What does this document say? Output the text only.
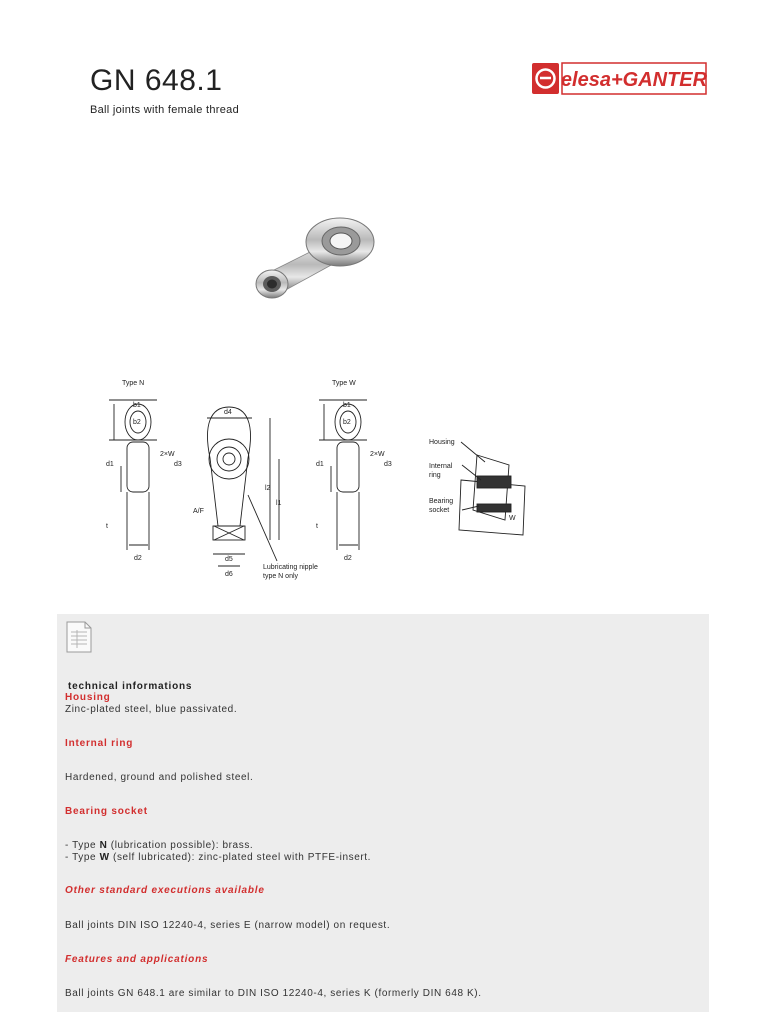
GN 648.1
Ball joints with female thread
elesa+GANTER
Type N
b1
b2
d1	d3
2×W
t
d2
d4
l1
l2
A/F
d5
d6
Lubricating nipple
type N only
Type W
b1
b2
d1	d3
2×W
t
d2
Housing
Internal
ring
Bearing
socket
W
technical informations
Housing
Zinc-plated steel, blue passivated.
Internal ring
Hardened, ground and polished steel.
Bearing socket
- Type N (lubrication possible): brass.
- Type W (self lubricated): zinc-plated steel with PTFE-insert.
Other standard executions available
Ball joints DIN ISO 12240-4, series E (narrow model) on request.
Features and applications
Ball joints GN 648.1 are similar to DIN ISO 12240-4, series K (formerly DIN 648 K).
